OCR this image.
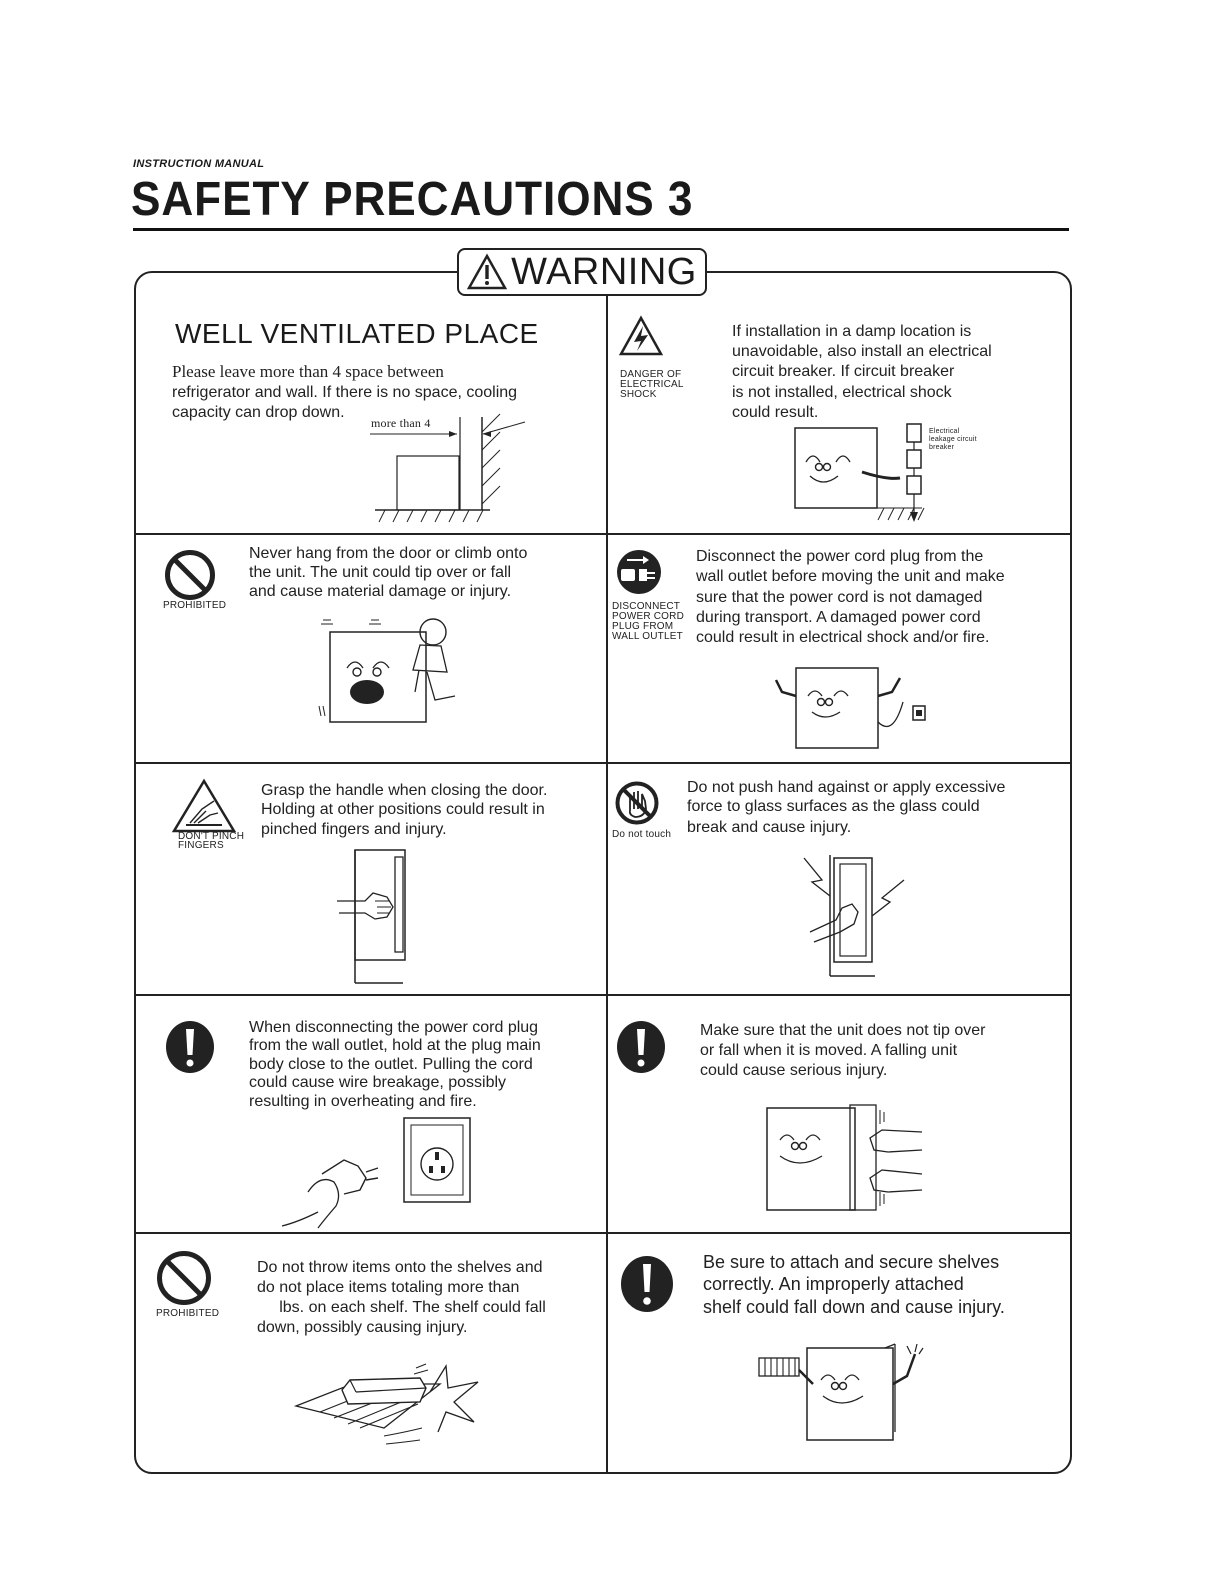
INSTRUCTION MANUAL
SAFETY PRECAUTIONS 3
WARNING
WELL VENTILATED PLACE
Please leave more than 4 space between
refrigerator and wall. If there is no space, cooling
capacity can drop down.
more than 4
DANGER OF
ELECTRICAL
SHOCK
If installation in a damp location is
unavoidable, also install an electrical
circuit breaker. If circuit breaker
is not installed, electrical shock
could result.
Electrical
leakage circuit
breaker
PROHIBITED
Never hang from the door or climb onto
the unit. The unit could tip over or fall
and cause material damage or injury.
DISCONNECT
POWER CORD
PLUG FROM
WALL OUTLET
Disconnect the power cord plug from the
wall outlet before moving the unit and make
sure that the power cord is not damaged
during transport. A damaged power cord
could result in electrical shock and/or fire.
DON'T PINCH
FINGERS
Grasp the handle when closing the door.
Holding at other positions could result in
pinched fingers and injury.	Do not touch
Do not push hand against or apply excessive
force to glass surfaces as the glass could
break and cause injury.
When disconnecting the power cord plug
from the wall outlet, hold at the plug main
body close to the outlet. Pulling the cord
could cause wire breakage, possibly
resulting in overheating and fire.
Make sure that the unit does not tip over
or fall when it is moved. A falling unit
could cause serious injury.
PROHIBITED
Do not throw items onto the shelves and
do not place items totaling more than
lbs. on each shelf. The shelf could fall
down, possibly causing injury.
Be sure to attach and secure shelves
correctly. An improperly attached
shelf could fall down and cause injury.
